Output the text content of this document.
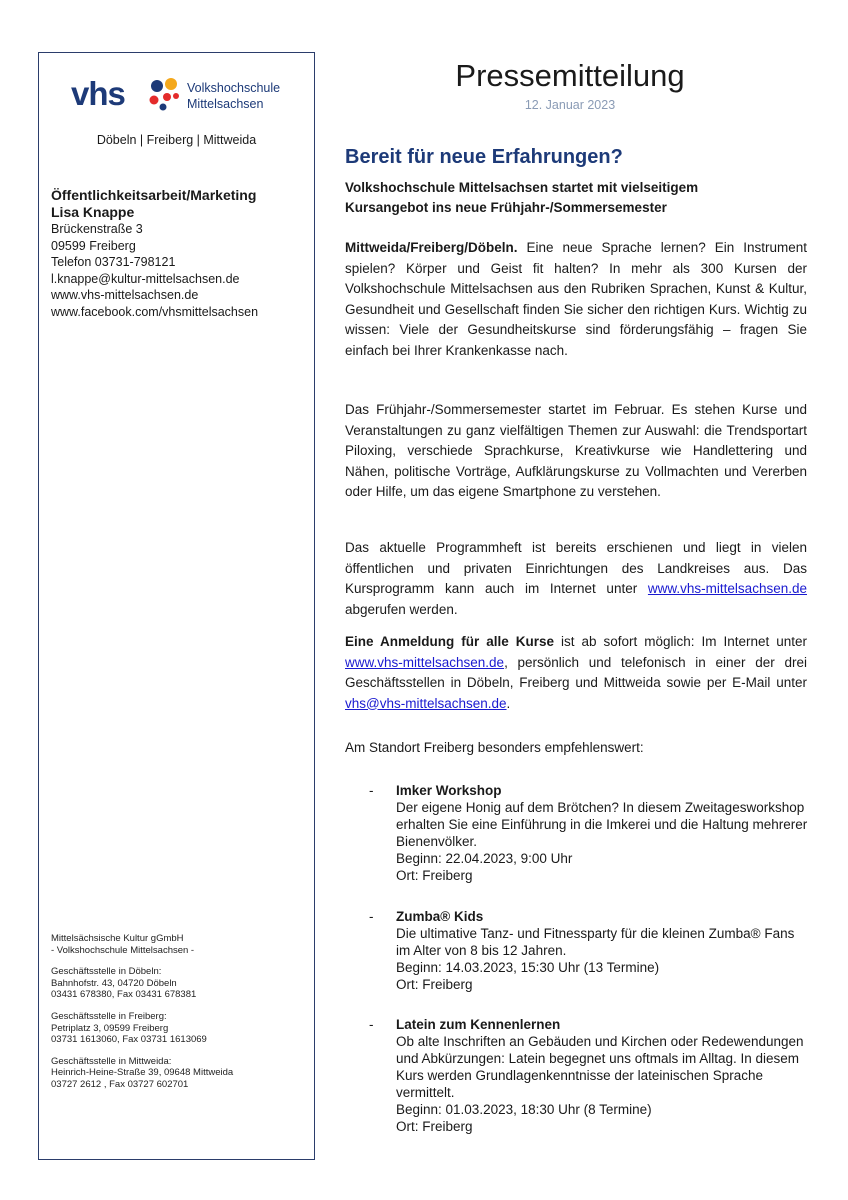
vhs	Volkshochschule
Mittelsachsen
Döbeln | Freiberg | Mittweida
Öffentlichkeitsarbeit/Marketing
Lisa Knappe
Brückenstraße 3
09599 Freiberg
Telefon 03731-798121
l.knappe@kultur-mittelsachsen.de
www.vhs-mittelsachsen.de
www.facebook.com/vhsmittelsachsen

Mittelsächsische Kultur gGmbH
- Volkshochschule Mittelsachsen -

Geschäftsstelle in Döbeln:
Bahnhofstr. 43, 04720 Döbeln
03431 678380, Fax 03431 678381

Geschäftsstelle in Freiberg:
Petriplatz 3, 09599 Freiberg
03731 1613060, Fax 03731 1613069

Geschäftsstelle in Mittweida:
Heinrich-Heine-Straße 39, 09648 Mittweida
03727 2612 , Fax 03727 602701

Pressemitteilung
12. Januar 2023
Bereit für neue Erfahrungen?
Volkshochschule Mittelsachsen startet mit vielseitigem Kursangebot ins neue Frühjahr-/Sommersemester
Mittweida/Freiberg/Döbeln. Eine neue Sprache lernen? Ein Instrument spielen? Körper und Geist fit halten? In mehr als 300 Kursen der Volkshochschule Mittelsachsen aus den Rubriken Sprachen, Kunst & Kultur, Gesundheit und Gesellschaft finden Sie sicher den richtigen Kurs. Wichtig zu wissen: Viele der Gesundheitskurse sind förderungsfähig – fragen Sie einfach bei Ihrer Krankenkasse nach.
Das Frühjahr-/Sommersemester startet im Februar. Es stehen Kurse und Veranstaltungen zu ganz vielfältigen Themen zur Auswahl: die Trendsportart Piloxing, verschiede Sprachkurse, Kreativkurse wie Handlettering und Nähen, politische Vorträge, Aufklärungskurse zu Vollmachten und Vererben oder Hilfe, um das eigene Smartphone zu verstehen.
Das aktuelle Programmheft ist bereits erschienen und liegt in vielen öffentlichen und privaten Einrichtungen des Landkreises aus. Das Kursprogramm kann auch im Internet unter www.vhs-mittelsachsen.de abgerufen werden.
Eine Anmeldung für alle Kurse ist ab sofort möglich: Im Internet unter www.vhs-mittelsachsen.de, persönlich und telefonisch in einer der drei Geschäftsstellen in Döbeln, Freiberg und Mittweida sowie per E-Mail unter vhs@vhs-mittelsachsen.de.
Am Standort Freiberg besonders empfehlenswert:
- Imker Workshop
Der eigene Honig auf dem Brötchen? In diesem Zweitagesworkshop erhalten Sie eine Einführung in die Imkerei und die Haltung mehrerer Bienenvölker.
Beginn: 22.04.2023, 9:00 Uhr
Ort: Freiberg
- Zumba® Kids
Die ultimative Tanz- und Fitnessparty für die kleinen Zumba® Fans im Alter von 8 bis 12 Jahren.
Beginn: 14.03.2023, 15:30 Uhr (13 Termine)
Ort: Freiberg
- Latein zum Kennenlernen
Ob alte Inschriften an Gebäuden und Kirchen oder Redewendungen und Abkürzungen: Latein begegnet uns oftmals im Alltag. In diesem Kurs werden Grundlagenkenntnisse der lateinischen Sprache vermittelt.
Beginn: 01.03.2023, 18:30 Uhr (8 Termine)
Ort: Freiberg
